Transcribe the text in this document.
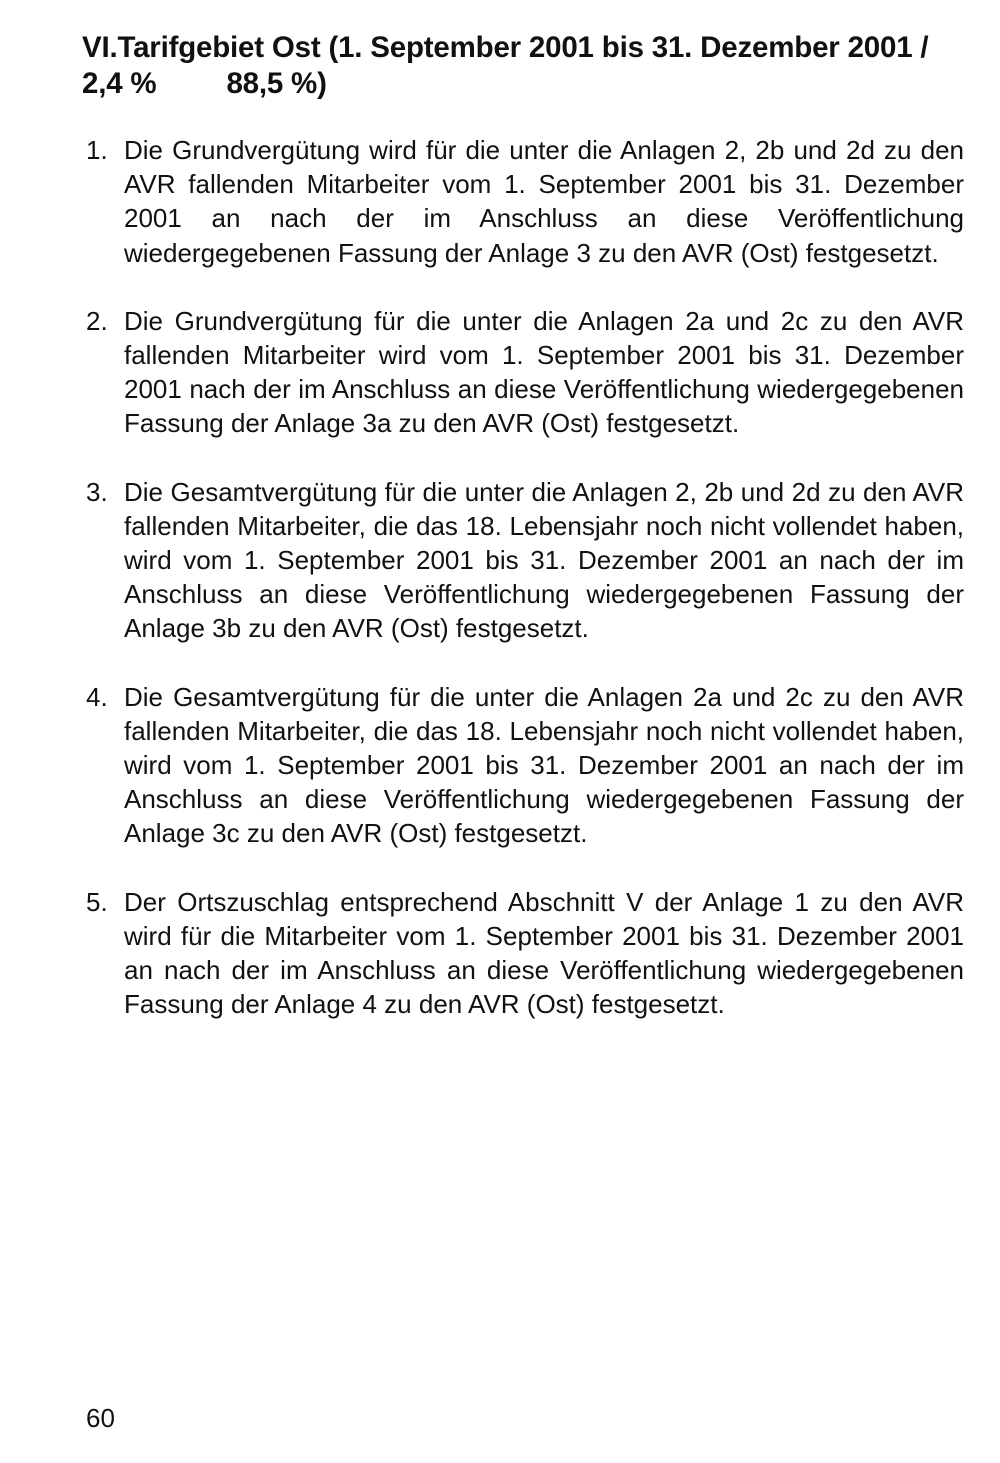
VI.Tarifgebiet Ost (1. September 2001 bis 31. Dezember 2001 /
2,4 % 88,5 %)
1. Die Grundvergütung wird für die unter die Anlagen 2, 2b und 2d zu den AVR fallenden Mitarbeiter vom 1. September 2001 bis 31. Dezember 2001 an nach der im Anschluss an diese Veröffentlichung wiedergegebenen Fassung der Anlage 3 zu den AVR (Ost) festgesetzt.
2. Die Grundvergütung für die unter die Anlagen 2a und 2c zu den AVR fallenden Mitarbeiter wird vom 1. September 2001 bis 31. Dezember 2001 nach der im Anschluss an diese Veröffentlichung wiedergegebenen Fassung der Anlage 3a zu den AVR (Ost) festgesetzt.
3. Die Gesamtvergütung für die unter die Anlagen 2, 2b und 2d zu den AVR fallenden Mitarbeiter, die das 18. Lebensjahr noch nicht vollendet haben, wird vom 1. September 2001 bis 31. Dezember 2001 an nach der im Anschluss an diese Veröffentlichung wiedergegebenen Fassung der Anlage 3b zu den AVR (Ost) festgesetzt.
4. Die Gesamtvergütung für die unter die Anlagen 2a und 2c zu den AVR fallenden Mitarbeiter, die das 18. Lebensjahr noch nicht vollendet haben, wird vom 1. September 2001 bis 31. Dezember 2001 an nach der im Anschluss an diese Veröffentlichung wiedergegebenen Fassung der Anlage 3c zu den AVR (Ost) festgesetzt.
5. Der Ortszuschlag entsprechend Abschnitt V der Anlage 1 zu den AVR wird für die Mitarbeiter vom 1. September 2001 bis 31. Dezember 2001 an nach der im Anschluss an diese Veröffentlichung wiedergegebenen Fassung der Anlage 4 zu den AVR (Ost) festgesetzt.
60
